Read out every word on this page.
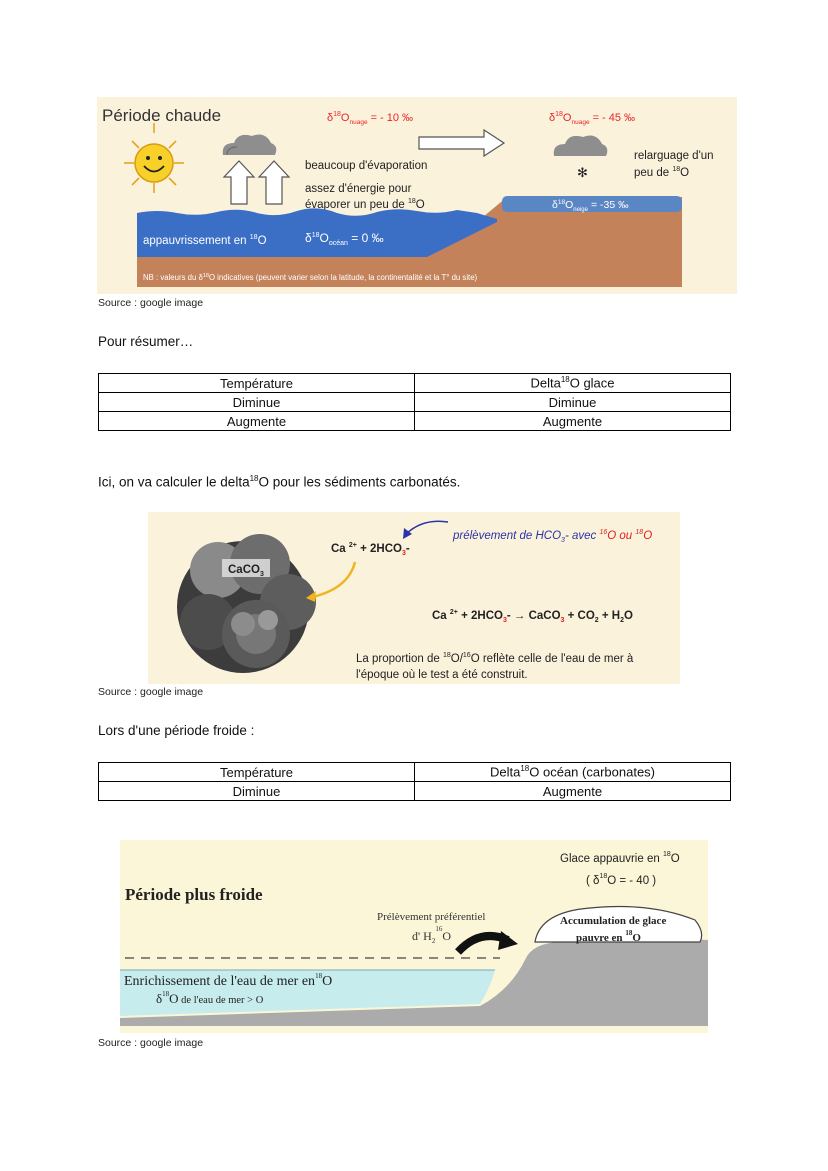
Période chaude	$\delta^{18}O_{nuage}$ = - 10 ‰
beaucoup d'évaporation
assez d'énergie pour
évaporer un peu de $^{18}$O
$\delta^{18}O_{nuage}$ = - 45 ‰
✻
relarguage d'un
peu de $^{18}$O
$\delta^{18}O_{neige} = -35$ ‰
appauvrissement en $^{18}$O	$\delta^{18}O_{océan} = 0$ ‰
NB : valeurs du $\delta^{18}O$ indicatives (peuvent varier selon la latitude, la continentalité et la T° du site)
Source : google image
Pour résumer…
Température	Delta$^{18}$O glace
Diminue	Diminue
Augmente	Augmente
Ici, on va calculer le delta$^{18}$O pour les sédiments carbonatés.
CaCO$_3$
Ca $^{2+} + 2HCO_3-$
prélèvement de $HCO_3-$ avec $^{16}$O ou $^{18}$O
Ca $^{2+} + 2HCO_3-$ → CaCO$_3$ + $CO_2 + H_2O$
La proportion de $^{18}$O/$^{16}$O reflète celle de l'eau de mer à
l'époque où le test a été construit.
Source : google image
Lors d'une période froide :
Température	Delta$^{18}$O océan (carbonates)
Diminue	Augmente
Période plus froide
Glace appauvrie en $^{18}$O
( $\delta^{18}O$ = - 40 )
Prélèvement préférentiel
d' $H_2^{16}O$
Accumulation de glace
pauvre en $^{18}$O
Enrichissement de l'eau de mer $en^{18}O$
$\delta^{18}O$ de l'eau de mer > O
Source : google image
